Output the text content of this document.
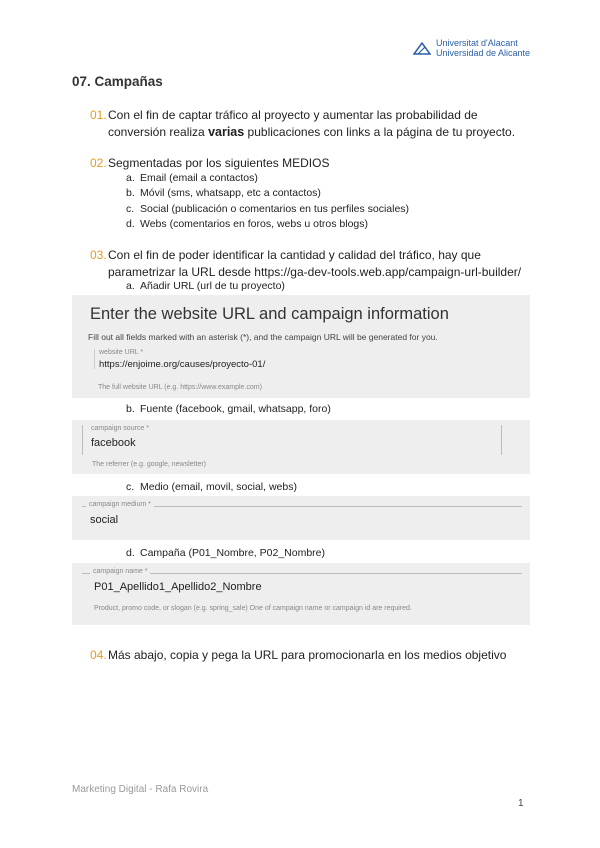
Universitat d'Alacant
Universidad de Alicante
07. Campañas
01. Con el fin de captar tráfico al proyecto y aumentar las probabilidad de conversión realiza varias publicaciones con links a la página de tu proyecto.
02. Segmentadas por los siguientes MEDIOS
a. Email (email a contactos)
b. Móvil (sms, whatsapp, etc a contactos)
c. Social (publicación o comentarios en tus perfiles sociales)
d. Webs (comentarios en foros, webs u otros blogs)
03. Con el fin de poder identificar la cantidad y calidad del tráfico, hay que parametrizar la URL desde https://ga-dev-tools.web.app/campaign-url-builder/
a. Añadir URL (url de tu proyecto)
Enter the website URL and campaign information
Fill out all fields marked with an asterisk (*), and the campaign URL will be generated for you.
website URL *
https://enjoime.org/causes/proyecto-01/
The full website URL (e.g. https://www.example.com)
b. Fuente (facebook, gmail, whatsapp, foro)
campaign source *
facebook
The referrer (e.g. google, newsletter)
c. Medio (email, movil, social, webs)
campaign medium *
social
d. Campaña (P01_Nombre, P02_Nombre)
campaign name *
P01_Apellido1_Apellido2_Nombre
Product, promo code, or slogan (e.g. spring_sale) One of campaign name or campaign id are required.
04. Más abajo, copia y pega la URL para promocionarla en los medios objetivo
Marketing Digital - Rafa Rovira
1
